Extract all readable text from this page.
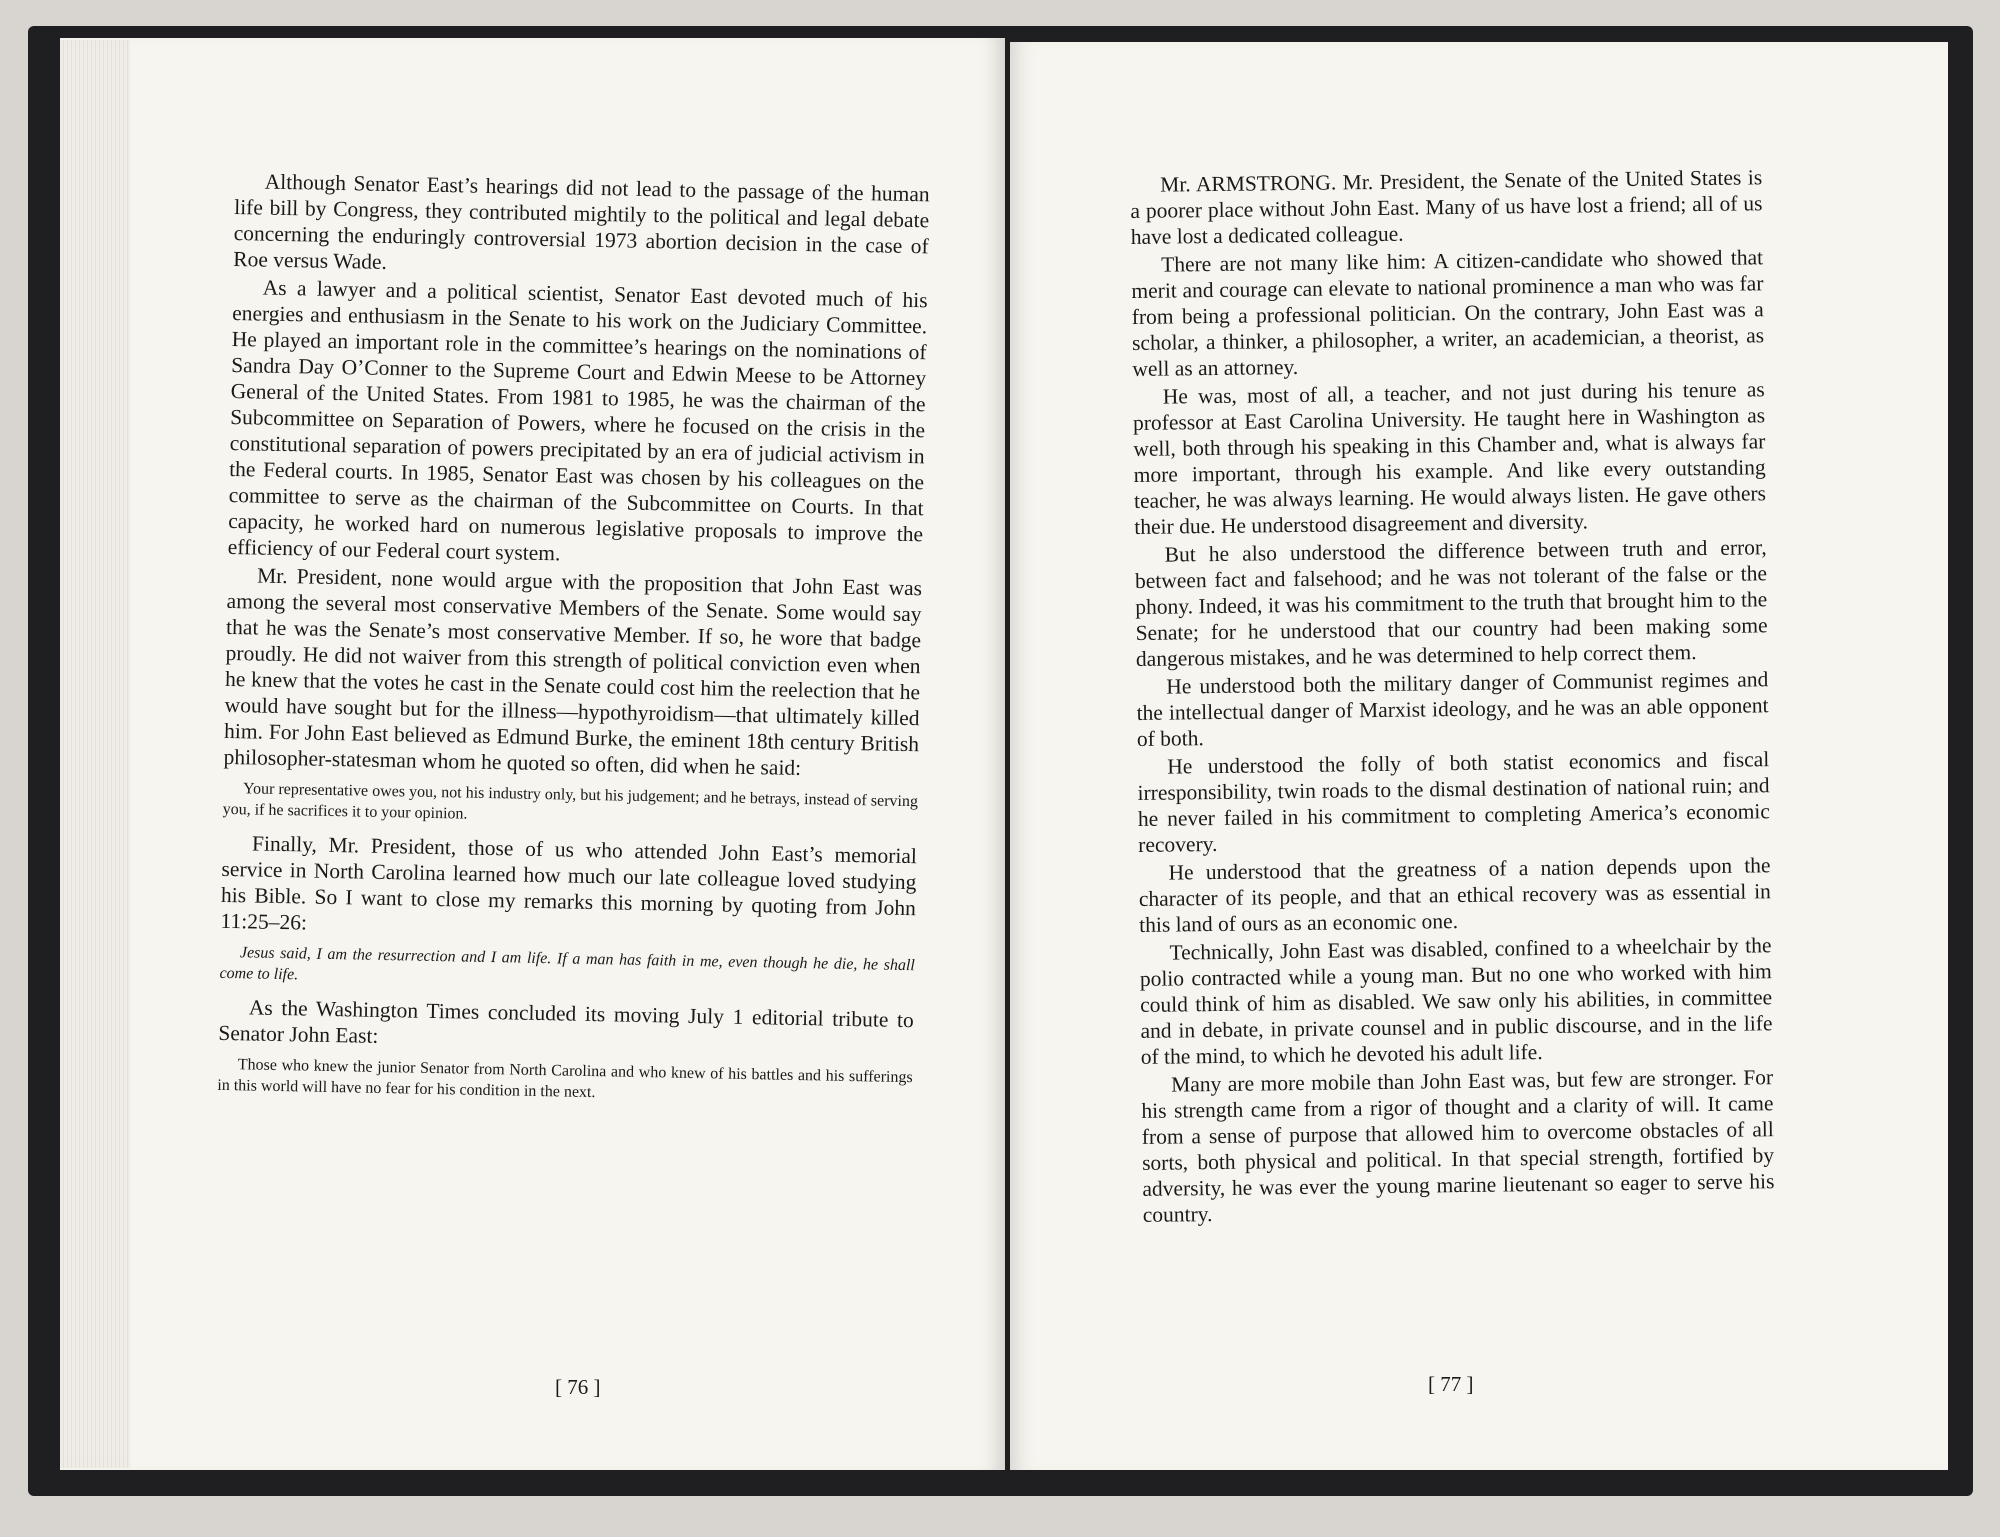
Although Senator East’s hearings did not lead to the passage of the human life bill by Congress, they contributed mightily to the political and legal debate concerning the enduringly controversial 1973 abortion decision in the case of Roe versus Wade.

As a lawyer and a political scientist, Senator East devoted much of his energies and enthusiasm in the Senate to his work on the Judiciary Committee. He played an important role in the committee’s hearings on the nominations of Sandra Day O’Conner to the Supreme Court and Edwin Meese to be Attorney General of the United States. From 1981 to 1985, he was the chairman of the Subcommittee on Separation of Powers, where he focused on the crisis in the constitutional separation of powers precipitated by an era of judicial activism in the Federal courts. In 1985, Senator East was chosen by his colleagues on the committee to serve as the chairman of the Subcommittee on Courts. In that capacity, he worked hard on numerous legislative proposals to improve the efficiency of our Federal court system.

Mr. President, none would argue with the proposition that John East was among the several most conservative Members of the Senate. Some would say that he was the Senate’s most conservative Member. If so, he wore that badge proudly. He did not waiver from this strength of political conviction even when he knew that the votes he cast in the Senate could cost him the reelection that he would have sought but for the illness—hypothyroidism—that ultimately killed him. For John East believed as Edmund Burke, the eminent 18th century British philosopher-statesman whom he quoted so often, did when he said:

Your representative owes you, not his industry only, but his judgement; and he betrays, instead of serving you, if he sacrifices it to your opinion.

Finally, Mr. President, those of us who attended John East’s memorial service in North Carolina learned how much our late colleague loved studying his Bible. So I want to close my remarks this morning by quoting from John 11:25–26:

Jesus said, I am the resurrection and I am life. If a man has faith in me, even though he die, he shall come to life.

As the Washington Times concluded its moving July 1 editorial tribute to Senator John East:

Those who knew the junior Senator from North Carolina and who knew of his battles and his sufferings in this world will have no fear for his condition in the next.

[ 76 ]

Mr. ARMSTRONG. Mr. President, the Senate of the United States is a poorer place without John East. Many of us have lost a friend; all of us have lost a dedicated colleague.

There are not many like him: A citizen-candidate who showed that merit and courage can elevate to national prominence a man who was far from being a professional politician. On the contrary, John East was a scholar, a thinker, a philosopher, a writer, an academician, a theorist, as well as an attorney.

He was, most of all, a teacher, and not just during his tenure as professor at East Carolina University. He taught here in Washington as well, both through his speaking in this Chamber and, what is always far more important, through his example. And like every outstanding teacher, he was always learning. He would always listen. He gave others their due. He understood disagreement and diversity.

But he also understood the difference between truth and error, between fact and falsehood; and he was not tolerant of the false or the phony. Indeed, it was his commitment to the truth that brought him to the Senate; for he understood that our country had been making some dangerous mistakes, and he was determined to help correct them.

He understood both the military danger of Communist regimes and the intellectual danger of Marxist ideology, and he was an able opponent of both.

He understood the folly of both statist economics and fiscal irresponsibility, twin roads to the dismal destination of national ruin; and he never failed in his commitment to completing America’s economic recovery.

He understood that the greatness of a nation depends upon the character of its people, and that an ethical recovery was as essential in this land of ours as an economic one.

Technically, John East was disabled, confined to a wheelchair by the polio contracted while a young man. But no one who worked with him could think of him as disabled. We saw only his abilities, in committee and in debate, in private counsel and in public discourse, and in the life of the mind, to which he devoted his adult life.

Many are more mobile than John East was, but few are stronger. For his strength came from a rigor of thought and a clarity of will. It came from a sense of purpose that allowed him to overcome obstacles of all sorts, both physical and political. In that special strength, fortified by adversity, he was ever the young marine lieutenant so eager to serve his country.

[ 77 ]
